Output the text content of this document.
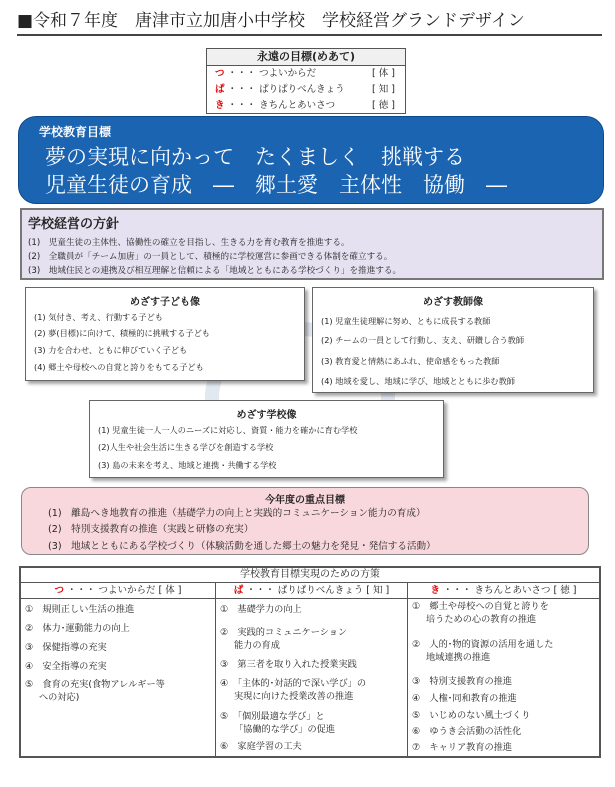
■令和７年度　唐津市立加唐小中学校　学校経営グランドデザイン
永遠の目標(めあて)
つ ・・・ つよいからだ	[ 体 ]
ぱ ・・・ ぱりぱりべんきょう	[ 知 ]
き ・・・ きちんとあいさつ	[ 徳 ]
学校教育目標
夢の実現に向かって　たくましく　挑戦する
児童生徒の育成　―　郷土愛　主体性　協働　―
学校経営の方針
(1)　児童生徒の主体性、協働性の確立を目指し、生きる力を育む教育を推進する。
(2)　全職員が「チーム加唐」の一員として、積極的に学校運営に参画できる体制を確立する。
(3)　地域住民との連携及び相互理解と信頼による「地域とともにある学校づくり」を推進する。
めざす子ども像
(1) 気付き、考え、行動する子ども
(2) 夢(目標)に向けて、積極的に挑戦する子ども
(3) 力を合わせ、ともに伸びていく子ども
(4) 郷土や母校への自覚と誇りをもてる子ども
めざす教師像
(1) 児童生徒理解に努め、ともに成長する教師
(2) チームの一員として行動し、支え、研鑽し合う教師
(3) 教育愛と情熱にあふれ、使命感をもった教師
(4) 地域を愛し、地域に学び、地域とともに歩む教師
めざす学校像
(1) 児童生徒一人一人のニーズに対応し、資質・能力を確かに育む学校
(2)人生や社会生活に生きる学びを創造する学校
(3) 島の未来を考え、地域と連携・共働する学校
今年度の重点目標
(1)　離島へき地教育の推進（基礎学力の向上と実践的コミュニケーション能力の育成）
(2)　特別支援教育の推進（実践と研修の充実）
(3)　地域とともにある学校づくり（体験活動を通した郷土の魅力を発見・発信する活動）
学校教育目標実現のための方策
つ ・・・ つよいからだ [ 体 ]
①　規則正しい生活の推進
②　体力･運動能力の向上
③　保健指導の充実
④　安全指導の充実
⑤　食育の充実(食物アレルギー等
への対応)
ぱ ・・・ ぱりぱりべんきょう [ 知 ]
①　基礎学力の向上
②　実践的コミュニケーション
能力の育成
③　第三者を取り入れた授業実践
④　「主体的･対話的で深い学び」の
実現に向けた授業改善の推進
⑤　「個別最適な学び」と
「協働的な学び」の促進
⑥　家庭学習の工夫
き ・・・ きちんとあいさつ [ 徳 ]
①　郷土や母校への自覚と誇りを
培うための心の教育の推進
②　人的･物的資源の活用を通した
地域連携の推進
③　特別支援教育の推進
④　人権･同和教育の推進
⑤　いじめのない風土づくり
⑥　ゆうき会活動の活性化
⑦　キャリア教育の推進
